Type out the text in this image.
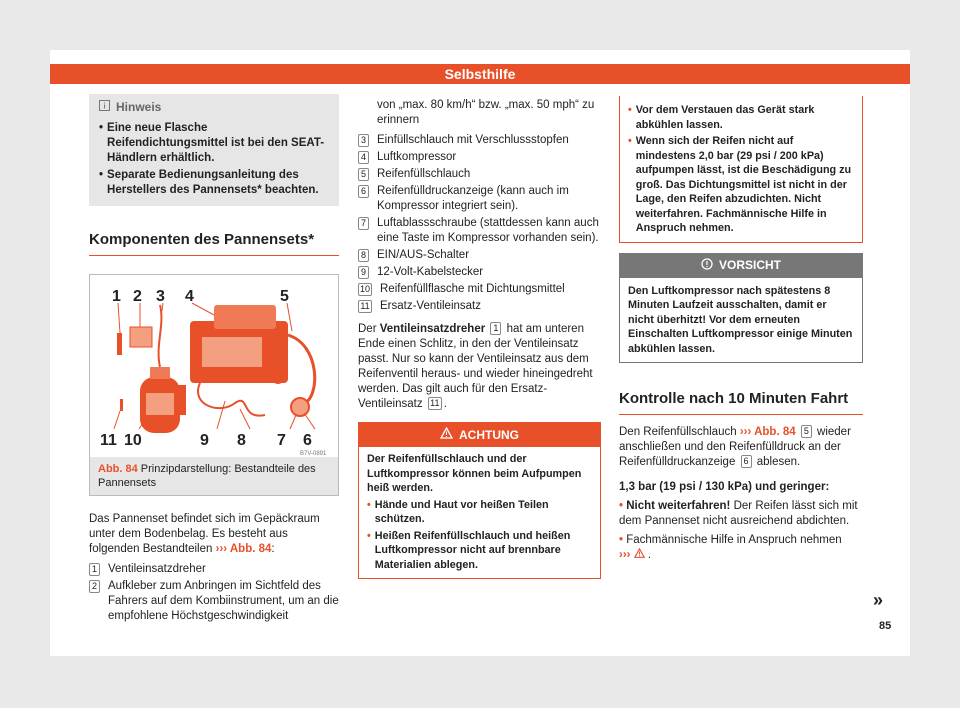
Selbsthilfe
Hinweis
• Eine neue Flasche Reifendichtungsmittel ist bei den SEAT-Händlern erhältlich.
• Separate Bedienungsanleitung des Herstellers des Pannensets* beachten.
Komponenten des Pannensets*
1 2 3 4	5
11 10	9 8 7 6
B7V-0891
Abb. 84 Prinzipdarstellung: Bestandteile des Pannensets
Das Pannenset befindet sich im Gepäckraum unter dem Bodenbelag. Es besteht aus folgenden Bestandteilen ››› Abb. 84:
1 Ventileinsatzdreher
2 Aufkleber zum Anbringen im Sichtfeld des Fahrers auf dem Kombiinstrument, um an die empfohlene Höchstgeschwindigkeit
von „max. 80 km/h“ bzw. „max. 50 mph“ zu erinnern
3 Einfüllschlauch mit Verschlussstopfen
4 Luftkompressor
5 Reifenfüllschlauch
6 Reifenfülldruckanzeige (kann auch im Kompressor integriert sein).
7 Luftablassschraube (stattdessen kann auch eine Taste im Kompressor vorhanden sein).
8 EIN/AUS-Schalter
9 12-Volt-Kabelstecker
10 Reifenfüllflasche mit Dichtungsmittel
11 Ersatz-Ventileinsatz
Der Ventileinsatzdreher 1 hat am unteren Ende einen Schlitz, in den der Ventileinsatz passt. Nur so kann der Ventileinsatz aus dem Reifenventil heraus- und wieder hineingedreht werden. Das gilt auch für den Ersatz-Ventileinsatz 11 .
ACHTUNG
Der Reifenfüllschlauch und der Luftkompressor können beim Aufpumpen heiß werden.
• Hände und Haut vor heißen Teilen schützen.
• Heißen Reifenfüllschlauch und heißen Luftkompressor nicht auf brennbare Materialien ablegen.
• Vor dem Verstauen das Gerät stark abkühlen lassen.
• Wenn sich der Reifen nicht auf mindestens 2,0 bar (29 psi / 200 kPa) aufpumpen lässt, ist die Beschädigung zu groß. Das Dichtungsmittel ist nicht in der Lage, den Reifen abzudichten. Nicht weiterfahren. Fachmännische Hilfe in Anspruch nehmen.
VORSICHT
Den Luftkompressor nach spätestens 8 Minuten Laufzeit ausschalten, damit er nicht überhitzt! Vor dem erneuten Einschalten Luftkompressor einige Minuten abkühlen lassen.
Kontrolle nach 10 Minuten Fahrt
Den Reifenfüllschlauch ››› Abb. 84 5 wieder anschließen und den Reifenfülldruck an der Reifenfülldruckanzeige 6 ablesen.
1,3 bar (19 psi / 130 kPa) und geringer:
• Nicht weiterfahren! Der Reifen lässt sich mit dem Pannenset nicht ausreichend abdichten.
• Fachmännische Hilfe in Anspruch nehmen
››› .
»
85
